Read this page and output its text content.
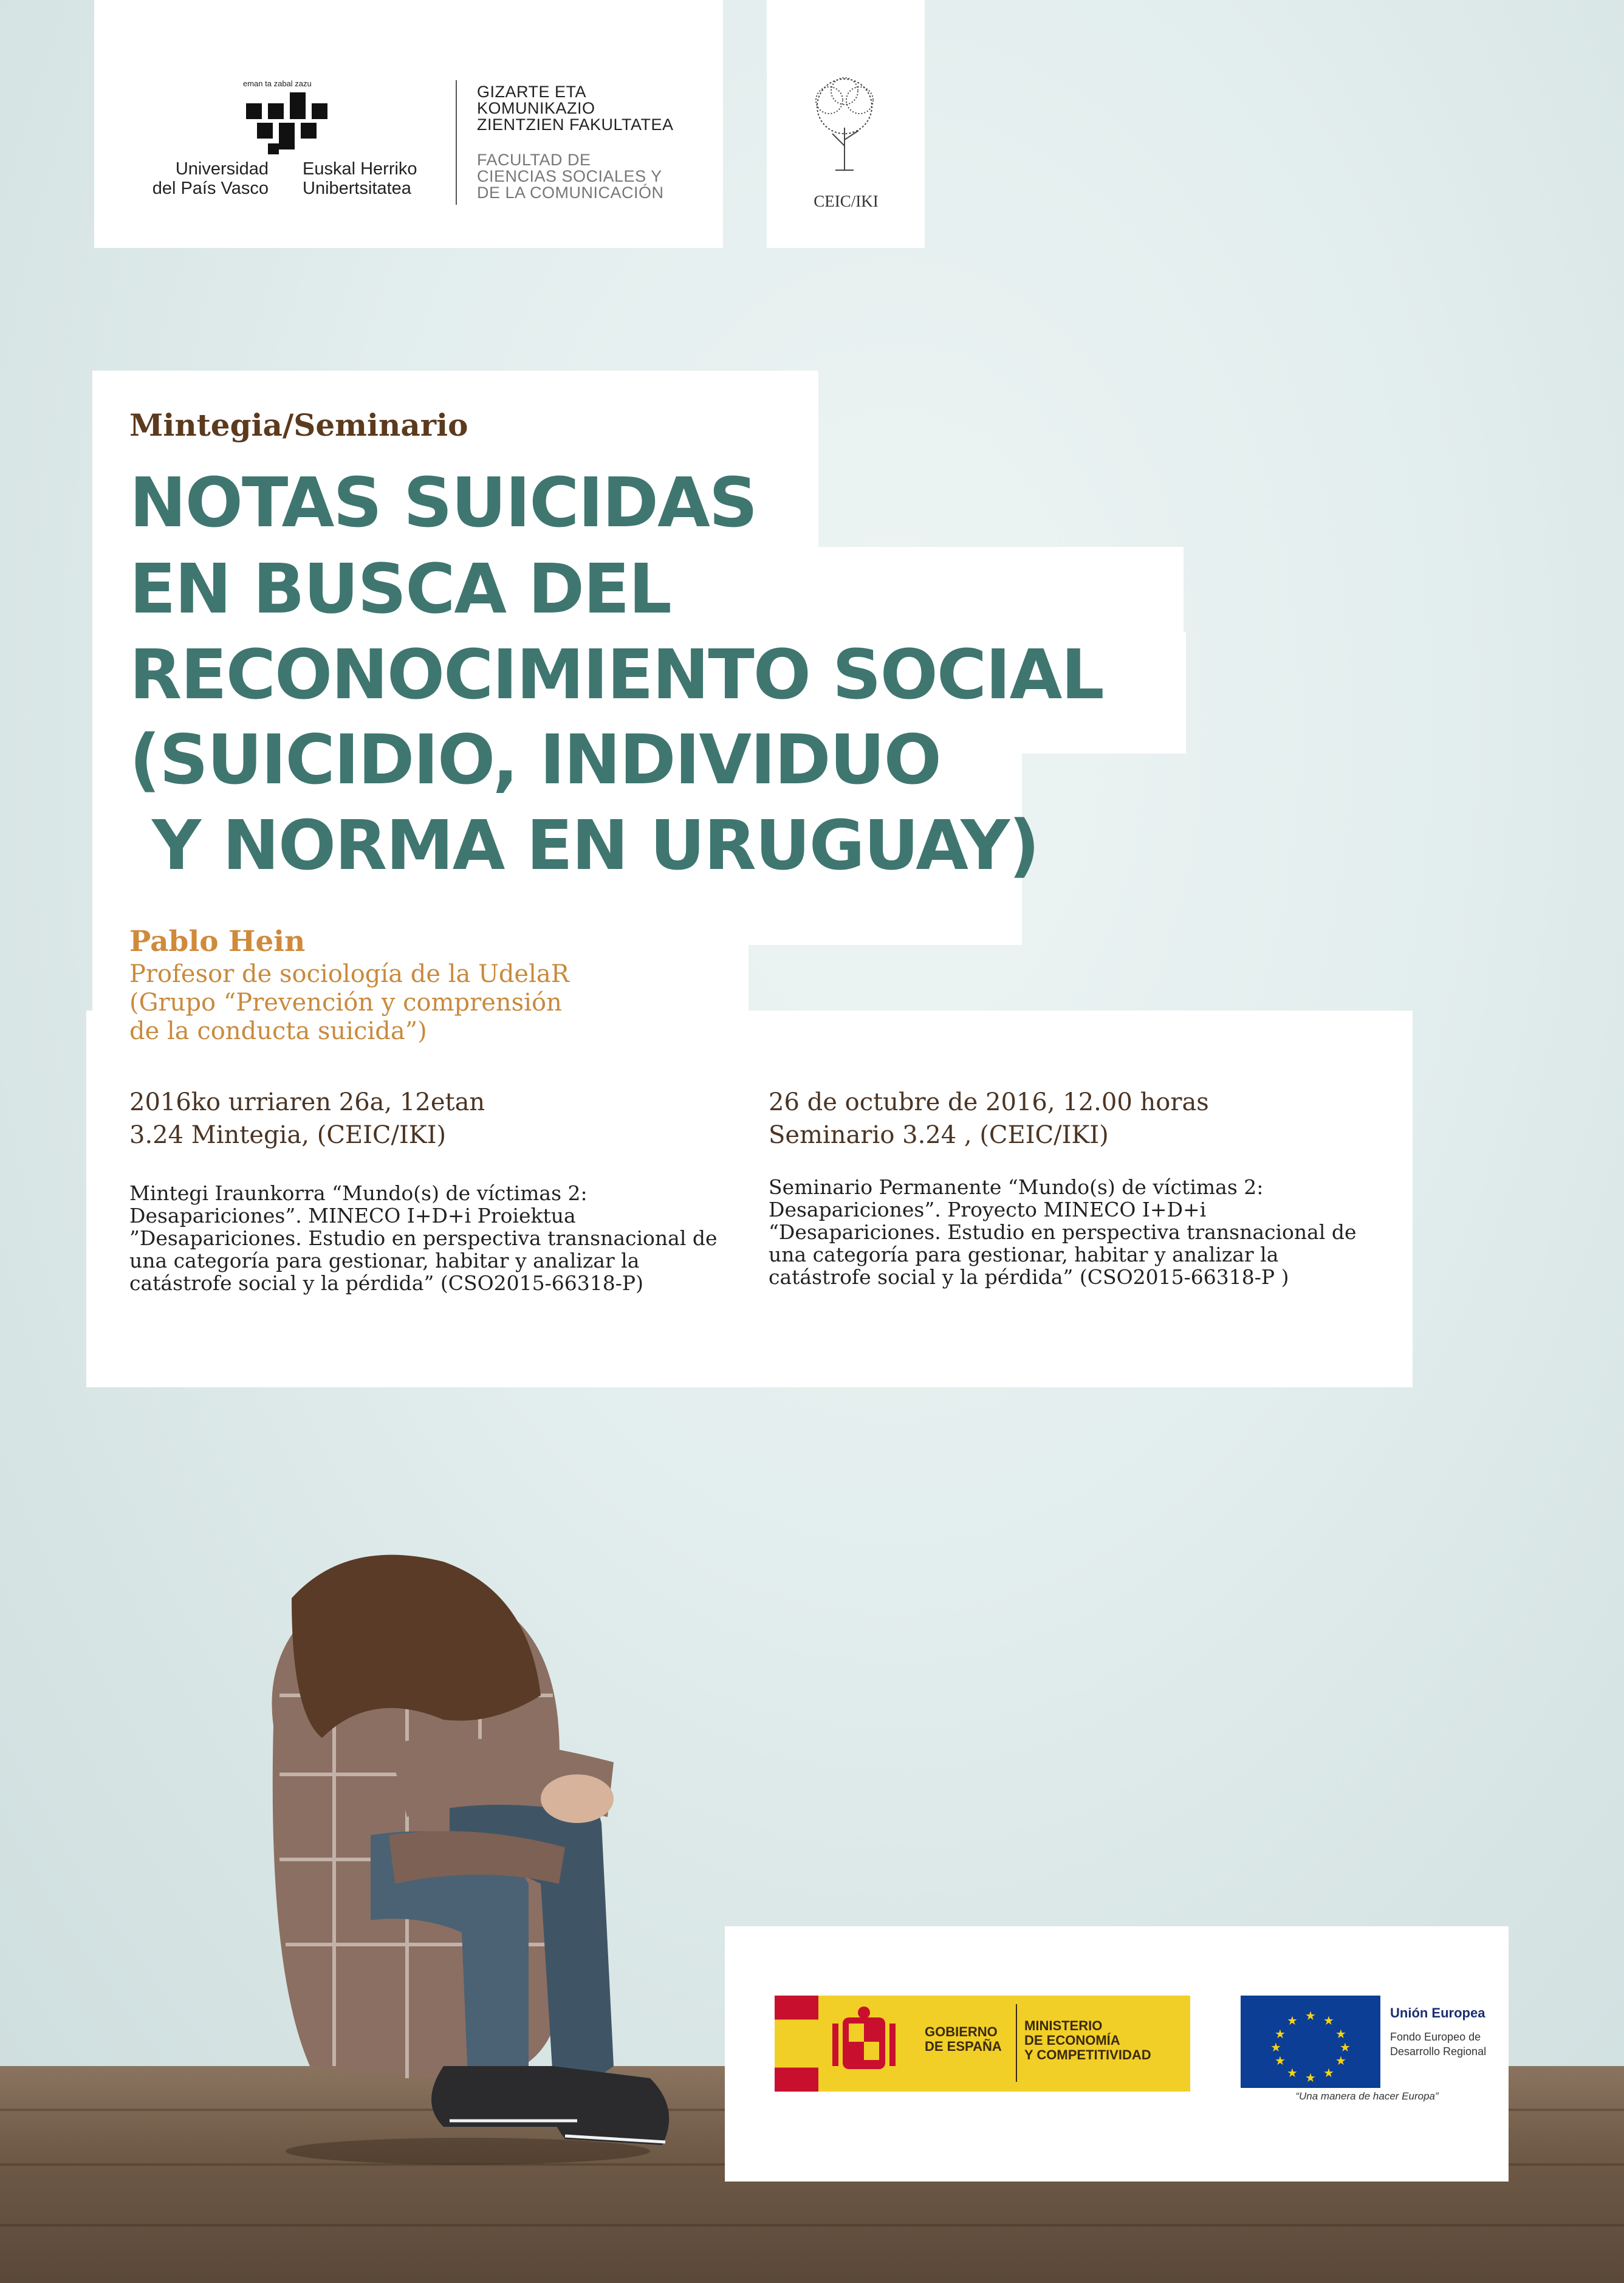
eman ta zabal zazu
Universidad
del País Vasco
Euskal Herriko
Unibertsitatea
GIZARTE ETA
KOMUNIKAZIO
ZIENTZIEN FAKULTATEA
FACULTAD DE
CIENCIAS SOCIALES Y
DE LA COMUNICACIÓN	CEIC/IKI
Mintegia/Seminario
NOTAS SUICIDAS
EN BUSCA DEL
RECONOCIMIENTO SOCIAL
(SUICIDIO, INDIVIDUO
Y NORMA EN URUGUAY)
Pablo Hein
Profesor de sociología de la UdelaR
(Grupo “Prevención y comprensión
de la conducta suicida”)
2016ko urriaren 26a, 12etan
3.24 Mintegia, (CEIC/IKI)
26 de octubre de 2016, 12.00 horas
Seminario 3.24 , (CEIC/IKI)
Mintegi Iraunkorra “Mundo(s) de víctimas 2: Desapariciones”. MINECO I+D+i Proiektua ”Desapariciones. Estudio en perspectiva transnacional de una categoría para gestionar, habitar y analizar la catástrofe social y la pérdida” (CSO2015-66318-P)
Seminario Permanente “Mundo(s) de víctimas 2: Desapariciones”. Proyecto MINECO I+D+i “Desapariciones. Estudio en perspectiva transnacional de una categoría para gestionar, habitar y analizar la catástrofe social y la pérdida” (CSO2015-66318-P )
GOBIERNO
DE ESPAÑA
MINISTERIO
DE ECONOMÍA
Y COMPETITIVIDAD
★ ★
★
★
★
★
★
★
★
★
★
★	Unión Europea
Fondo Europeo de
Desarrollo Regional
“Una manera de hacer Europa”
